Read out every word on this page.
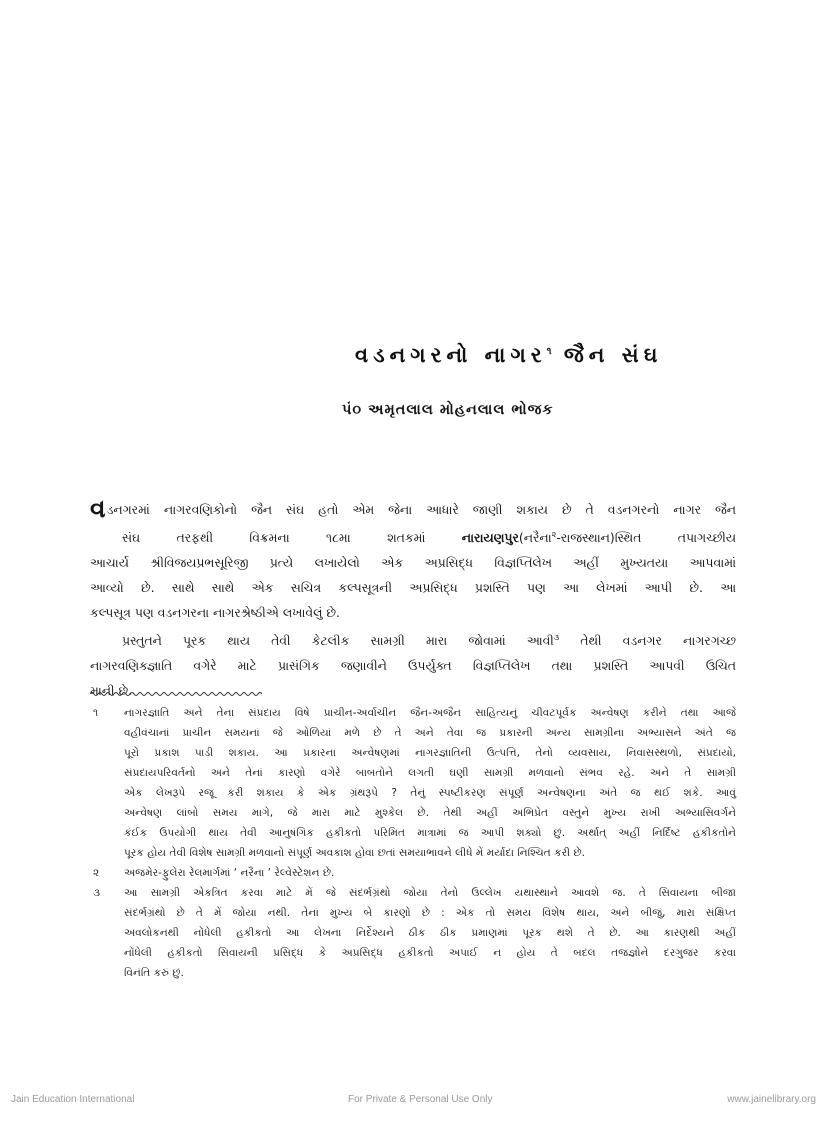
વડનગરનો નાગર$^૧$ જૈન સંઘ
પં૦ અમૃતલાલ મોહનલાલ ભોજક

વડનગરમાં નાગરવણિકોનો જૈન સંઘ હતો એમ જેના આધારે જાણી શકાય છે તે વડનગરનો નાગર જૈન
સંઘ તરફથી વિક્રમના ૧૮મા શતકમાં	નારાયણપુર(નરૈના$^૨$-રાજસ્થાન)સ્થિત તપાગચ્છીય
આચાર્ય શ્રીવિજયપ્રભસૂરિજી પ્રત્યે લખાયેલો એક અપ્રસિદ્ધ વિજ્ઞપ્તિલેખ અહીં મુખ્યતયા આપવામાં
આવ્યો છે. સાથે સાથે એક સચિત્ર કલ્પસૂત્રની અપ્રસિદ્ધ પ્રશસ્તિ પણ આ લેખમાં આપી છે. આ
કલ્પસૂત્ર પણ વડનગરના નાગરશ્રેષ્ઠીએ લખાવેલું છે.

પ્રસ્તુતને પૂરક થાય તેવી કેટલીક સામગ્રી મારા જોવામાં આવી$^૩$ તેથી વડનગર નાગરગચ્છ
નાગરવણિક્જ્ઞાતિ વગેરે માટે પ્રાસંગિક જણાવીને ઉપર્યુક્ત વિજ્ઞપ્તિલેખ તથા પ્રશસ્તિ આપવી ઉચિત
માની છે.

૧ નાગરજ્ઞાતિ અને તેના સંપ્રદાય વિષે પ્રાચીન-અર્વાચીન જૈન-અજૈન સાહિત્યનું ચીવટપૂર્વક અન્વેષણ કરીને તથા આજે
વહીવંચાનાં પ્રાચીન સમયનાં જે ઓળિયાં મળે છે તે અને તેવા જ પ્રકારની અન્ય સામગ્રીના અભ્યાસને અંતે જ
પૂરો પ્રકાશ પાડી શકાય. આ પ્રકારના અન્વેષણમાં નાગરજ્ઞાતિની ઉત્પત્તિ, તેનો વ્યવસાય, નિવાસસ્થળો, સંપ્રદાયો,
સંપ્રદાયપરિવર્તનો અને તેનાં કારણો વગેરે બાબતોને લગતી ઘણી સામગ્રી મળવાનો સંભવ રહે. અને તે સામગ્રી
એક લેખરૂપે રજૂ કરી શકાય કે એક ગ્રંથરૂપે ? તેનું સ્પષ્ટીકરણ સંપૂર્ણ અન્વેષણના અંતે જ થઈ શકે. આવું
અન્વેષણ લાંબો સમય માગે, જે મારા માટે મુશ્કેલ છે. તેથી અહીં અભિપ્રેત વસ્તુને મુખ્ય રાખી અભ્યાસિવર્ગને
કંઈક ઉપયોગી થાય તેવી આનુષંગિક હકીકતો પરિમિત માત્રામાં જ આપી શક્યો છું. અર્થાત્ અહીં નિર્દિષ્ટ હકીકતોને
પૂરક હોય તેવી વિશેષ સામગ્રી મળવાનો સંપૂર્ણ અવકાશ હોવા છતાં સમયાભાવને લીધે મેં મર્યાદા નિશ્ચિત કરી છે.
૨ અજમેર-ફુલેરા રેલમાર્ગમાં ‘ નરૈના ’ રેલ્વેસ્ટેશન છે.
૩ આ સામગ્રી એકત્રિત કરવા માટે મેં જે સંદર્ભગ્રંથો જોયા તેનો ઉલ્લેખ યથાસ્થાને આવશે જ. તે સિવાયના બીજા
સંદર્ભગ્રંથો છે તે મેં જોયા નથી. તેનાં મુખ્ય બે કારણો છે : એક તો સમય વિશેષ થાય, અને બીજું, મારા સંક્ષિપ્ત
અવલોકનથી નોંધેલી હકીકતો આ લેખના નિર્દેશ્યને ઠીક ઠીક પ્રમાણમાં પૂરક થશે તે છે. આ કારણથી અહીં
નોંધેલી હકીકતો સિવાયની પ્રસિદ્ધ કે અપ્રસિદ્ધ હકીકતો અપાઈ ન હોય તે બદલ તજજ્ઞોને દરગુજર કરવા
વિનંતિ કરું છું.
Jain Education International	For Private & Personal Use Only	www.jainelibrary.org
